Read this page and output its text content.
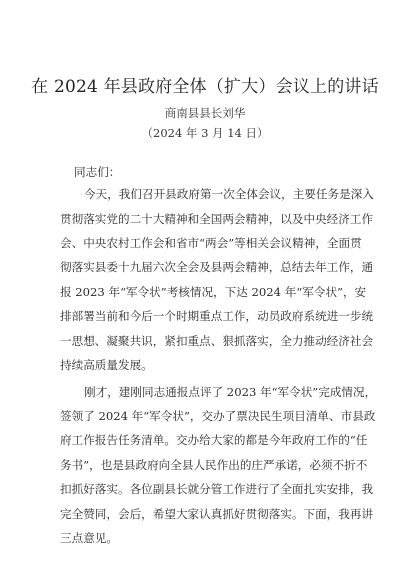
在 2024 年县政府全体（扩大）会议上的讲话
商南县县长刘华
（2024 年 3 月 14 日）
同志们：
今天，我们召开县政府第一次全体会议，主要任务是深入
贯彻落实党的二十大精神和全国两会精神，以及中央经济工作
会、中央农村工作会和省市“两会”等相关会议精神，全面贯
彻落实县委十九届六次全会及县两会精神，总结去年工作，通
报 2023 年“军令状”考核情况，下达 2024 年“军令状”，安
排部署当前和今后一个时期重点工作，动员政府系统进一步统
一思想、凝聚共识，紧扣重点、狠抓落实，全力推动经济社会
持续高质量发展。
刚才，建刚同志通报点评了 2023 年“军令状”完成情况，
签领了 2024 年“军令状”，交办了票决民生项目清单、市县政
府工作报告任务清单。交办给大家的都是今年政府工作的“任
务书”，也是县政府向全县人民作出的庄严承诺，必须不折不
扣抓好落实。各位副县长就分管工作进行了全面扎实安排，我
完全赞同，会后，希望大家认真抓好贯彻落实。下面，我再讲
三点意见。
